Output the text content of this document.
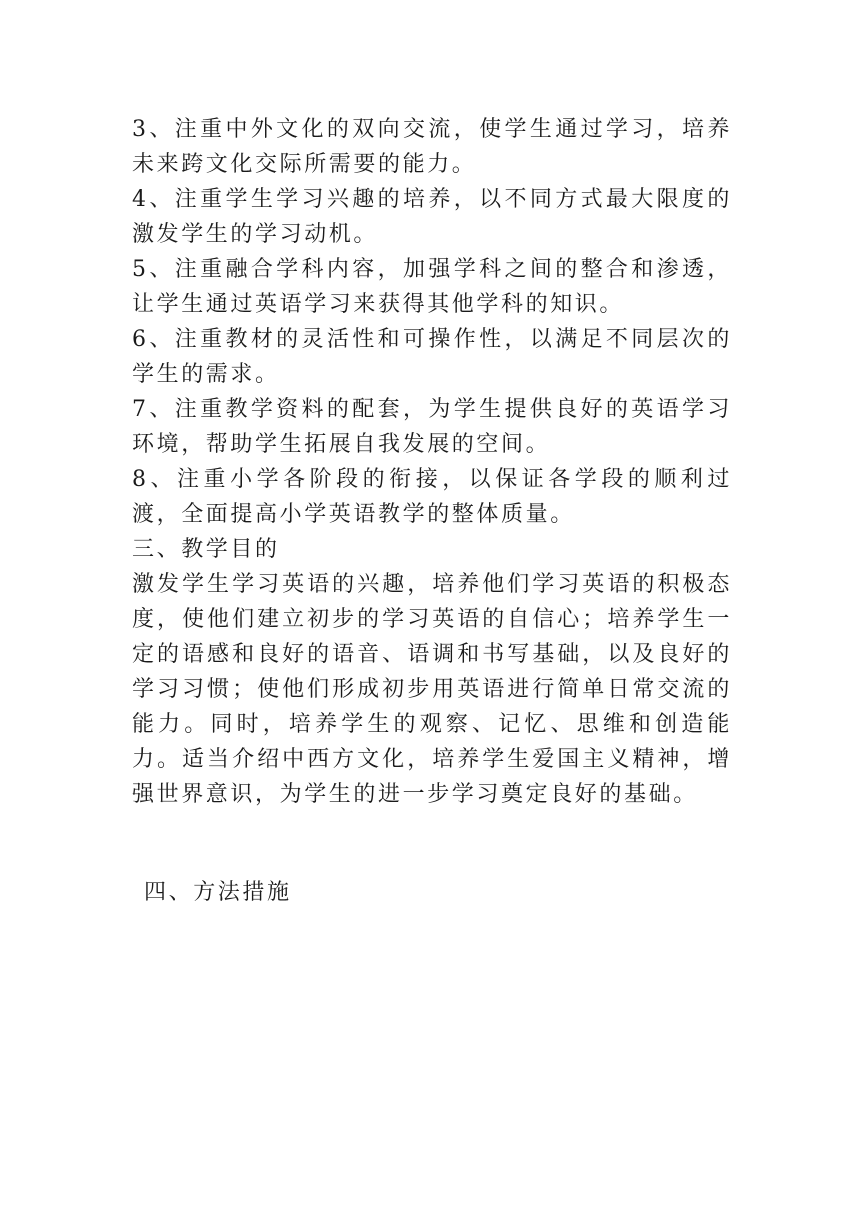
3、注重中外文化的双向交流，使学生通过学习，培养未来跨文化交际所需要的能力。

4、注重学生学习兴趣的培养，以不同方式最大限度的激发学生的学习动机。

5、注重融合学科内容，加强学科之间的整合和渗透，让学生通过英语学习来获得其他学科的知识。

6、注重教材的灵活性和可操作性，以满足不同层次的学生的需求。

7、注重教学资料的配套，为学生提供良好的英语学习环境，帮助学生拓展自我发展的空间。

8、注重小学各阶段的衔接，以保证各学段的顺利过渡，全面提高小学英语教学的整体质量。

三、教学目的

激发学生学习英语的兴趣，培养他们学习英语的积极态度，使他们建立初步的学习英语的自信心；培养学生一定的语感和良好的语音、语调和书写基础，以及良好的学习习惯；使他们形成初步用英语进行简单日常交流的能力。同时，培养学生的观察、记忆、思维和创造能力。适当介绍中西方文化，培养学生爱国主义精神，增强世界意识，为学生的进一步学习奠定良好的基础。

四、方法措施
